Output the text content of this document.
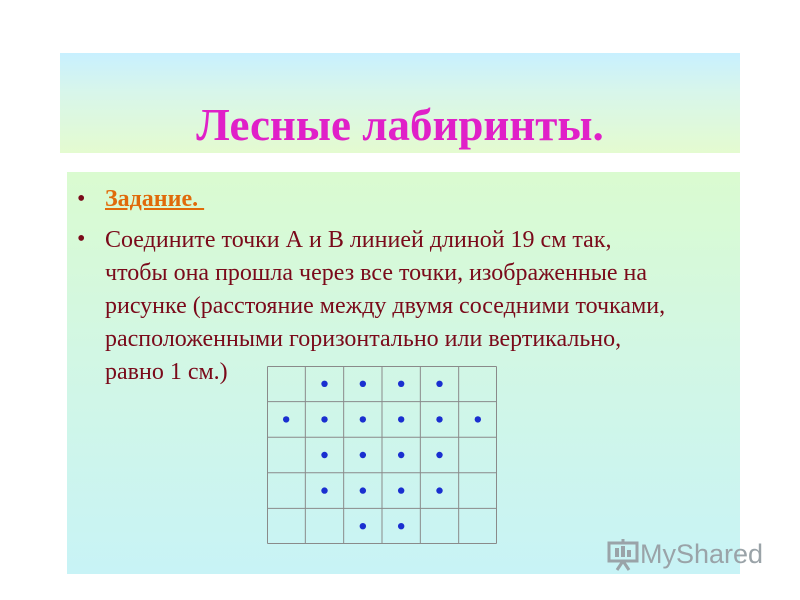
Лесные лабиринты.
• Задание.
• Соедините точки А и В линией длиной 19 см так,
чтобы она прошла через все точки, изображенные на
рисунке (расстояние между двумя соседними точками,
расположенными горизонтально или вертикально,
равно 1 см.)
MyShared
